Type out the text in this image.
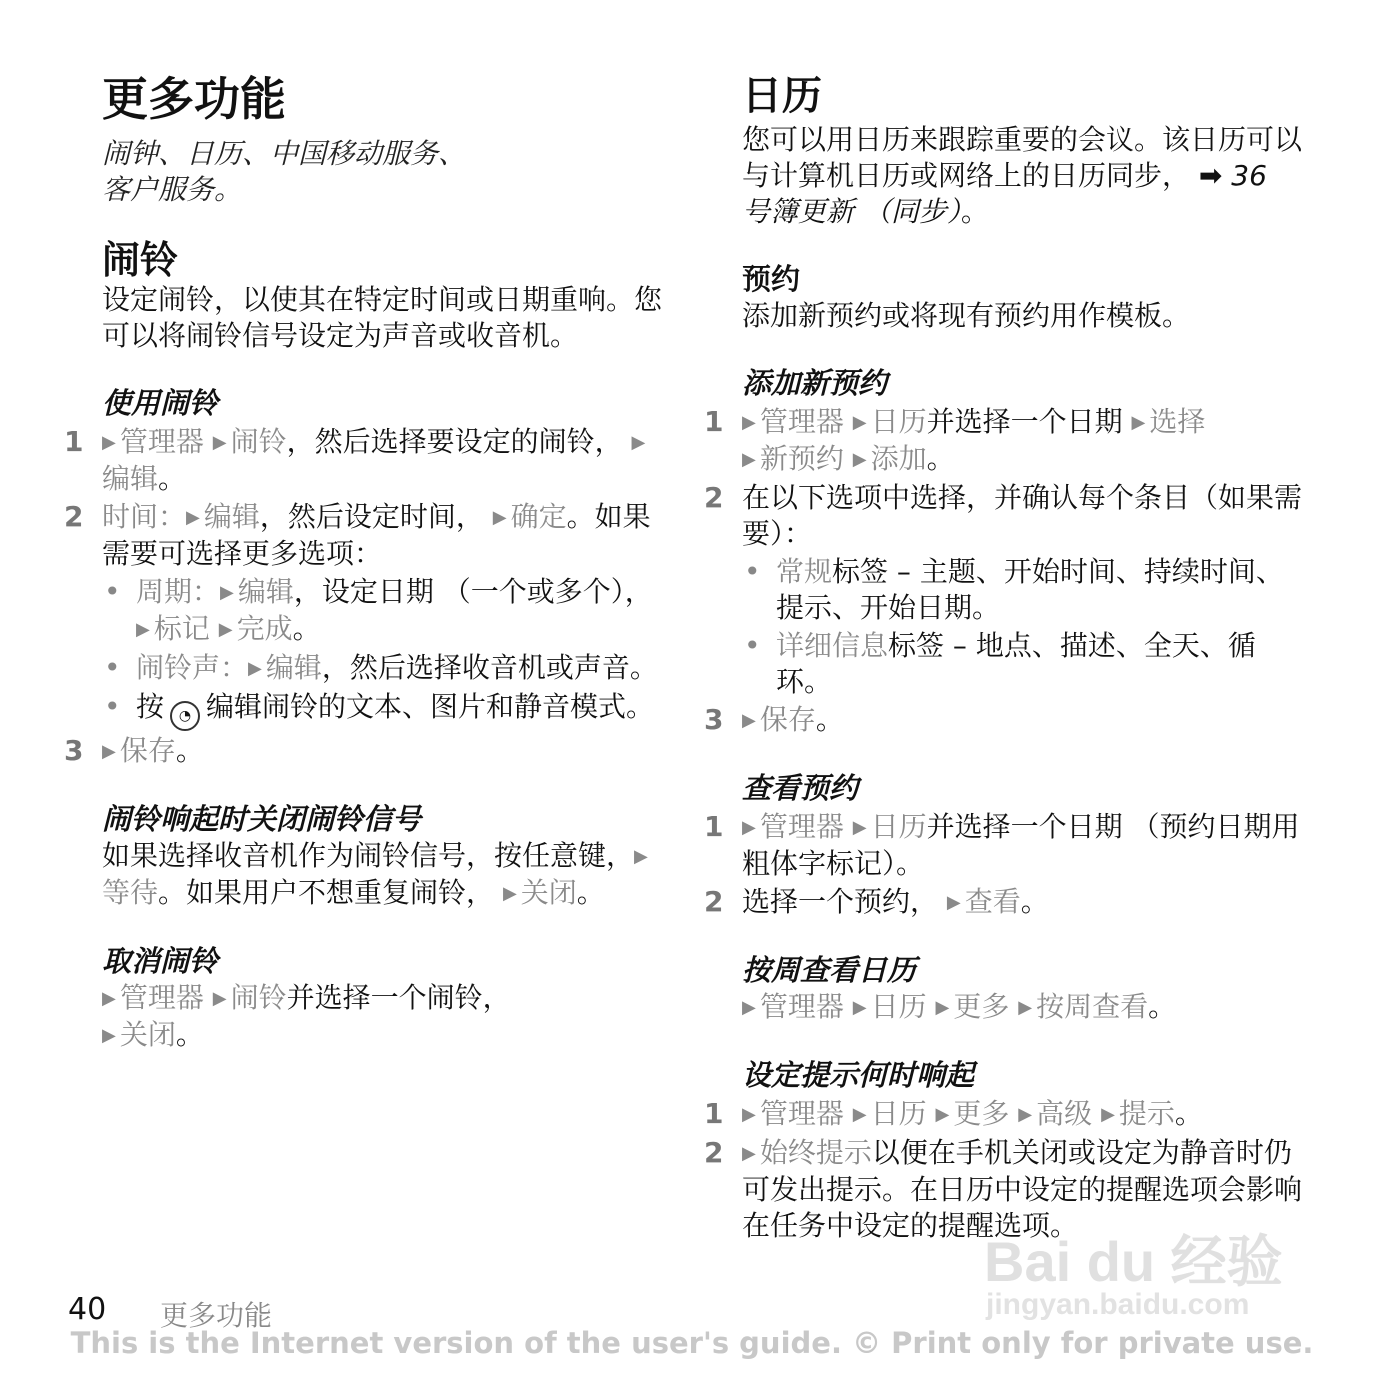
更多功能
闹钟、日历、中国移动服务、
客户服务。
闹铃
设定闹铃，以使其在特定时间或日期重响。您可以将闹铃信号设定为声音或收音机。
使用闹铃
1	▶ 管理器 ▶ 闹铃，然后选择要设定的闹铃， ▶编辑。
2 时间：▶ 编辑，然后设定时间， ▶ 确定。如果需要可选择更多选项：
• 周期：▶ 编辑，设定日期 （一个或多个）， ▶ 标记 ▶ 完成。
• 闹铃声：▶ 编辑，然后选择收音机或声音。
• 按 ◔ 编辑闹铃的文本、图片和静音模式。
3	▶ 保存。
闹铃响起时关闭闹铃信号
如果选择收音机作为闹铃信号，按任意键，▶等待。如果用户不想重复闹铃， ▶ 关闭。
取消闹铃
▶ 管理器 ▶ 闹铃并选择一个闹铃，
▶ 关闭。
日历
您可以用日历来跟踪重要的会议。该日历可以与计算机日历或网络上的日历同步， ➡ 36 号簿更新 （同步）。
预约
添加新预约或将现有预约用作模板。
添加新预约
1	▶ 管理器 ▶ 日历并选择一个日期 ▶ 选择
▶ 新预约 ▶ 添加。
2 在以下选项中选择，并确认每个条目（如果需要）：
• 常规标签 – 主题、开始时间、持续时间、提示、开始日期。
• 详细信息标签 – 地点、描述、全天、循环。
3	▶ 保存。
查看预约
1	▶ 管理器 ▶ 日历并选择一个日期 （预约日期用粗体字标记）。
2 选择一个预约， ▶ 查看。
按周查看日历
▶ 管理器 ▶ 日历 ▶ 更多 ▶ 按周查看。
设定提示何时响起
1	▶ 管理器 ▶ 日历 ▶ 更多 ▶ 高级 ▶ 提示。
2	▶ 始终提示以便在手机关闭或设定为静音时仍可发出提示。在日历中设定的提醒选项会影响在任务中设定的提醒选项。
Bai du 经验
jingyan.baidu.com
40 更多功能
This is the Internet version of the user's guide. © Print only for private use.
